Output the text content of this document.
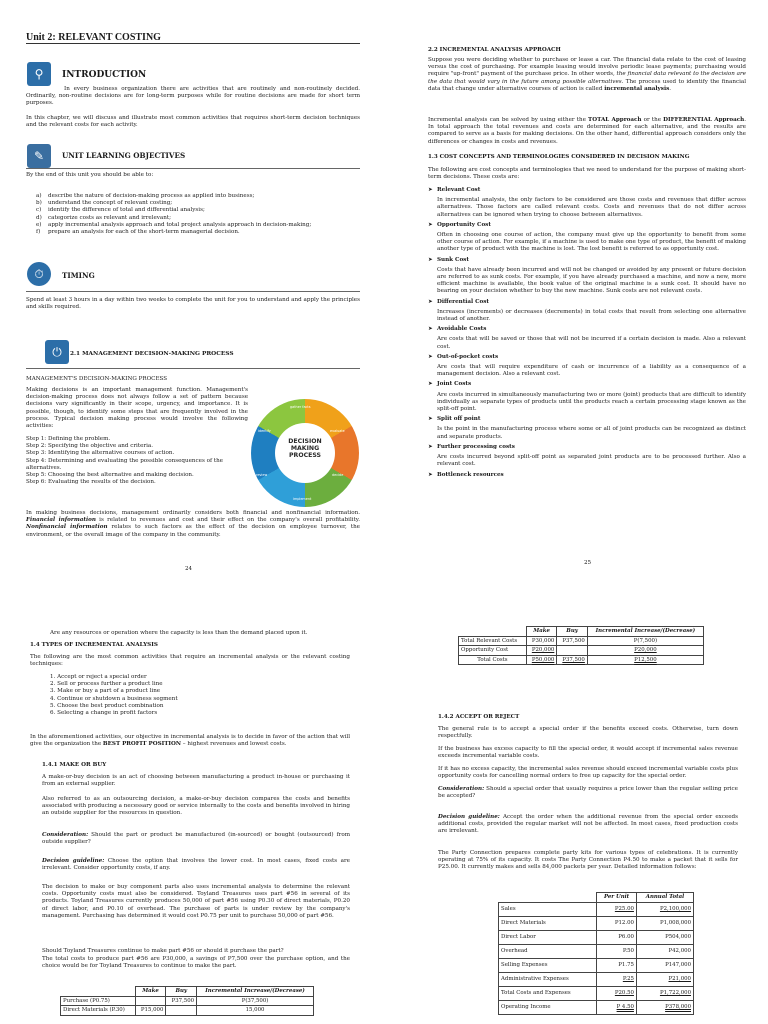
Unit 2: RELEVANT COSTING
⚲	INTRODUCTION

In every business organization there are activities that are routinely and non-routinely decided. Ordinarily, non-routine decisions are for long-term purposes while for routine decisions are made for short term purposes.

In this chapter, we will discuss and illustrate most common activities that requires short-term decision techniques and the relevant costs for each activity.

✎	UNIT LEARNING OBJECTIVES

By the end of this unit you should be able to:

a)	describe the nature of decision-making process as applied into business;
b)	understand the concept of relevant costing;
c)	identify the difference of total and differential analysis;
d)	categorize costs as relevant and irrelevant;
e)	apply incremental analysis approach and total project analysis approach in decision-making;
f)	prepare an analysis for each of the short-term managerial decision.
⏱	TIMING

Spend at least 3 hours in a day within two weeks to complete the unit for you to understand and apply the principles and skills required.

⏻	2.1 MANAGEMENT DECISION-MAKING PROCESS
MANAGEMENT'S DECISION-MAKING PROCESS

Making decisions is an important management function. Management's decision-making process does not always follow a set of pattern because decisions vary significantly in their scope, urgency, and importance. It is possible, though, to identify some steps that are frequently involved in the process. Typical decision making process would involve the following activities:

Step 1: Defining the problem.
Step 2: Specifying the objective and criteria.
Step 3: Identifying the alternative courses of action.
Step 4: Determining and evaluating the possible consequences of the alternatives.
Step 5: Choosing the best alternative and making decision.
Step 6: Evaluating the results of the decision.
DECISION
MAKING
PROCESS
gather facts
evaluate
decide
implement
review
identify

In making business decisions, management ordinarily considers both financial and nonfinancial information. Financial information is related to revenues and cost and their effect on the company's overall profitability. Nonfinancial information relates to such factors as the effect of the decision on employee turnover, the environment, or the overall image of the company in the community.

24
2.2 INCREMENTAL ANALYSIS APPROACH

Suppose you were deciding whether to purchase or lease a car. The financial data relate to the cost of leasing versus the cost of purchasing. For example leasing would involve periodic lease payments; purchasing would require "up-front" payment of the purchase price. In other words, the financial data relevant to the decision are the data that would vary in the future among possible alternatives. The process used to identify the financial data that change under alternative courses of action is called incremental analysis.

Incremental analysis can be solved by using either the TOTAL Approach or the DIFFERENTIAL Approach. In total approach the total revenues and costs are determined for each alternative, and the results are compared to serve as a basis for making decisions. On the other hand, differential approach considers only the differences or changes in costs and revenues.

1.3 COST CONCEPTS AND TERMINOLOGIES CONSIDERED IN DECISION MAKING

The following are cost concepts and terminologies that we need to understand for the purpose of making short-term decisions. These costs are:

➤ Relevant Cost

In incremental analysis, the only factors to be considered are those costs and revenues that differ across alternatives. Those factors are called relevant costs. Costs and revenues that do not differ across alternatives can be ignored when trying to choose between alternatives.

➤ Opportunity Cost

Often in choosing one course of action, the company must give up the opportunity to benefit from some other course of action. For example, if a machine is used to make one type of product, the benefit of making another type of product with the machine is lost. The lost benefit is referred to as opportunity cost.

➤ Sunk Cost

Costs that have already been incurred and will not be changed or avoided by any present or future decision are referred to as sunk costs. For example, if you have already purchased a machine, and now a new, more efficient machine is available, the book value of the original machine is a sunk cost. It should have no bearing on your decision whether to buy the new machine. Sunk costs are not relevant costs.

➤ Differential Cost

Increases (increments) or decreases (decrements) in total costs that result from selecting one alternative instead of another.

➤ Avoidable Costs

Are costs that will be saved or those that will not be incurred if a certain decision is made. Also a relevant cost.

➤ Out-of-pocket costs

Are costs that will require expenditure of cash or incurrence of a liability as a consequence of a management decision. Also a relevant cost.

➤ Joint Costs

Are costs incurred in simultaneously manufacturing two or more (joint) products that are difficult to identify individually as separate types of products until the products reach a certain processing stage known as the split-off point.

➤ Split off point

Is the point in the manufacturing process where some or all of joint products can be recognized as distinct and separate products.

➤ Further processing costs

Are costs incurred beyond split-off point as separated joint products are to be processed further. Also a relevant cost.

➤ Bottleneck resources
25

Are any resources or operation where the capacity is less than the demand placed upon it.

1.4 TYPES OF INCREMENTAL ANALYSIS

The following are the most common activities that require an incremental analysis or the relevant costing techniques:

1. Accept or reject a special order
2. Sell or process further a product line
3. Make or buy a part of a product line
4. Continue or shutdown a business segment
5. Choose the best product combination
6. Selecting a change in profit factors

In the aforementioned activities, our objective in incremental analysis is to decide in favor of the action that will give the organization the BEST PROFIT POSITION – highest revenues and lowest costs.

1.4.1 MAKE OR BUY

A make-or-buy decision is an act of choosing between manufacturing a product in-house or purchasing it from an external supplier.

Also referred to as an outsourcing decision, a make-or-buy decision compares the costs and benefits associated with producing a necessary good or service internally to the costs and benefits involved in hiring an outside supplier for the resources in question.

Consideration: Should the part or product be manufactured (in-sourced) or bought (outsourced) from outside supplier?

Decision guideline: Choose the option that involves the lower cost. In most cases, fixed costs are irrelevant. Consider opportunity costs, if any.

The decision to make or buy component parts also uses incremental analysis to determine the relevant costs. Opportunity costs must also be considered. Toyland Treasures uses part #56 in several of its products. Toyland Treasures currently produces 50,000 of part #56 using P0.30 of direct materials, P0.20 of direct labor, and P0.10 of overhead. The purchase of parts is under review by the company's management. Purchasing has determined it would cost P0.75 per unit to purchase 50,000 of part #56.

Should Toyland Treasures continue to make part #56 or should it purchase the part?

The total costs to produce part #56 are P30,000, a savings of P7,500 over the purchase option, and the choice would be for Toyland Treasures to continue to make the part.

	Make	Buy	Incremental Increase/(Decrease)
Purchase (P0.75)		P37,500	P(37,500)
Direct Materials (P.30)	P15,000		15,000
	Make	Buy	Incremental Increase/(Decrease)
Total Relevant Costs	P30,000	P37,500	P(7,500)
Opportunity Cost	P20,000		P20,000
Total Costs	P50,000	P37,500	P12,500
1.4.2 ACCEPT OR REJECT

The general rule is to accept a special order if the benefits exceed costs. Otherwise, turn down respectfully.

If the business has excess capacity to fill the special order, it would accept if incremental sales revenue exceeds incremental variable costs.

If it has no excess capacity, the incremental sales revenue should exceed incremental variable costs plus opportunity costs for cancelling normal orders to free up capacity for the special order.

Consideration: Should a special order that usually requires a price lower than the regular selling price be accepted?

Decision guideline: Accept the order when the additional revenue from the special order exceeds additional costs, provided the regular market will not be affected. In most cases, fixed production costs are irrelevant.

The Party Connection prepares complete party kits for various types of celebrations. It is currently operating at 75% of its capacity. It costs The Party Connection P4.50 to make a packet that it sells for P25.00. It currently makes and sells 84,000 packets per year. Detailed information follows:

	Per Unit	Annual Total
Sales	P25.00	P2,100,000
Direct Materials	P12.00	P1,008,000
Direct Labor	P6.00	P504,000
Overhead	P.50	P42,000
Selling Expenses	P1.75	P147,000
Administrative Expenses	P.25	P21,000
Total Costs and Expenses	P20.50	P1,722,000
Operating Income	P 4.50	P378,000
